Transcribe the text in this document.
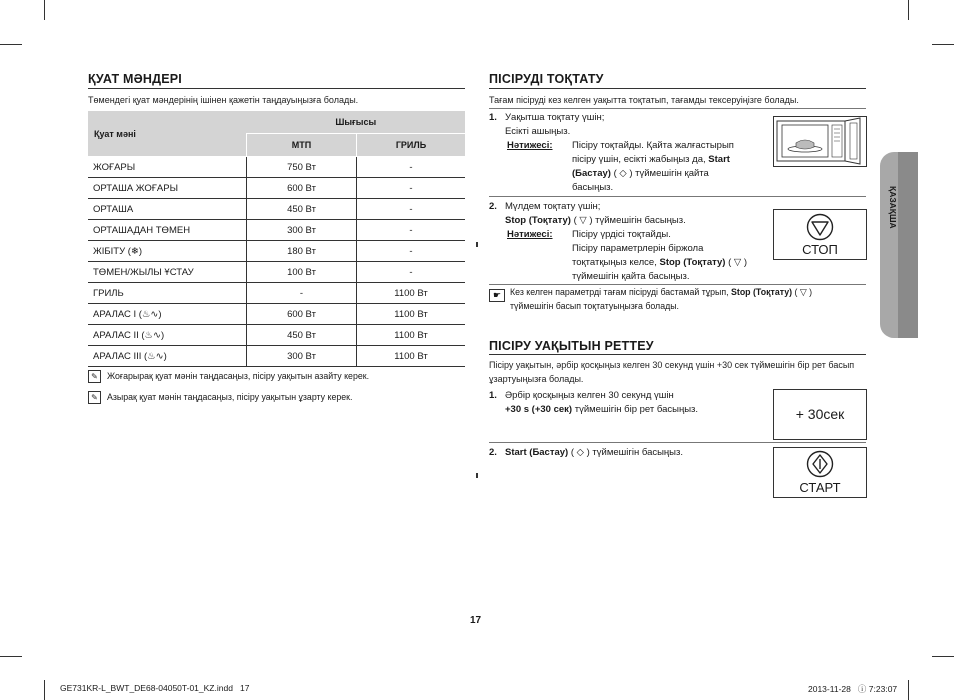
ҚУАТ МӘНДЕРІ
Төмендегі қуат мәндерінің ішінен қажетін таңдауыңызға болады.
Қуат мәні	Шығысы	
	МТП	ГРИЛЬ
ЖОҒАРЫ	750 Вт	-
ОРТАША ЖОҒАРЫ	600 Вт	-
ОРТАША	450 Вт	-
ОРТАШАДАН ТӨМЕН	300 Вт	-
ЖІБІТУ (❄)	180 Вт	-
ТӨМЕН/ЖЫЛЫ ҰСТАУ	100 Вт	-
ГРИЛЬ	-	1100 Вт
АРАЛАС I (♨∿)	600 Вт	1100 Вт
АРАЛАС II (♨∿)	450 Вт	1100 Вт
АРАЛАС III (♨∿)	300 Вт	1100 Вт
✎	Жоғарырақ қуат мәнін таңдасаңыз, пісіру уақытын азайту керек.
✎	Азырақ қуат мәнін таңдасаңыз, пісіру уақытын ұзарту керек.
ПІСІРУДІ ТОҚТАТУ
Тағам пісіруді кез келген уақытта тоқтатып, тағамды тексеруіңізге болады.
1. Уақытша тоқтату үшін;
Есікті ашыңыз.
Нәтижесі: Пісіру тоқтайды. Қайта жалғастырып
пісіру үшін, есікті жабыңыз да, Start
(Бастау) ( ◇ ) түймешігін қайта
басыңыз.
2. Мүлдем тоқтату үшін;
Stop (Тоқтату) ( ▽ ) түймешігін басыңыз.
Нәтижесі: Пісіру үрдісі тоқтайды.
Пісіру параметрлерін біржола
тоқтатқыңыз келсе, Stop (Тоқтату) ( ▽ )
түймешігін қайта басыңыз.
СТОП
☛	Кез келген параметрді тағам пісіруді бастамай тұрып, Stop (Тоқтату) ( ▽ )
түймешігін басып тоқтатуыңызға болады.
ПІСІРУ УАҚЫТЫН РЕТТЕУ
Пісіру уақытын, әрбір қосқыңыз келген 30 секунд үшін +30 сек түймешігін бір рет басып
ұзартуыңызға болады.
1. Әрбір қосқыңыз келген 30 секунд үшін
+30 s (+30 сек) түймешігін бір рет басыңыз.	+ 30сек
2. Start (Бастау) ( ◇ ) түймешігін басыңыз.
СТАРТ
ҚАЗАҚША
17
GE731KR-L_BWT_DE68-04050T-01_KZ.indd   17	2013-11-28   ⓘ 7:23:07
